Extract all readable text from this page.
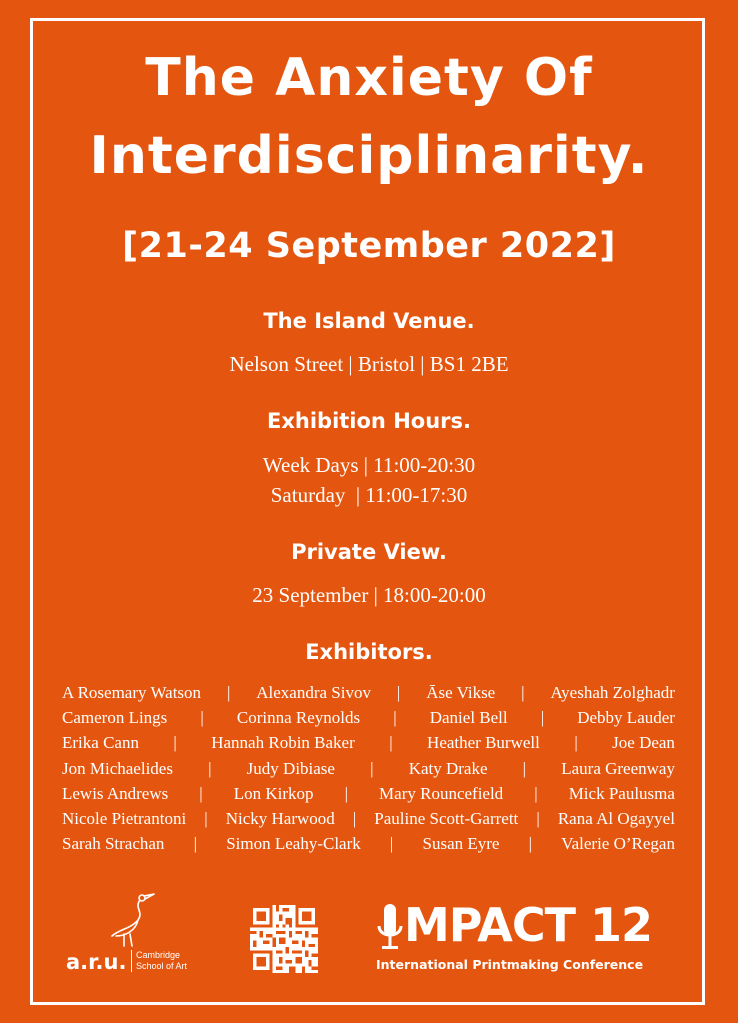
The Anxiety Of
Interdisciplinarity.
[21-24 September 2022]
The Island Venue.
Nelson Street | Bristol | BS1 2BE
Exhibition Hours.
Week Days | 11:00-20:30
Saturday  | 11:00-17:30
Private View.
23 September | 18:00-20:00
Exhibitors.
A Rosemary Watson | Alexandra Sivov | Āse Vikse | Ayeshah Zolghadr
Cameron Lings | Corinna Reynolds | Daniel Bell | Debby Lauder
Erika Cann | Hannah Robin Baker | Heather Burwell | Joe Dean
Jon Michaelides | Judy Dibiase | Katy Drake | Laura Greenway
Lewis Andrews | Lon Kirkop | Mary Rouncefield | Mick Paulusma
Nicole Pietrantoni | Nicky Harwood | Pauline Scott-Garrett | Rana Al Ogayyel
Sarah Strachan | Simon Leahy-Clark | Susan Eyre | Valerie O’Regan
a.r.u. Cambridge
School of Art
MPACT 12
International Printmaking Conference
